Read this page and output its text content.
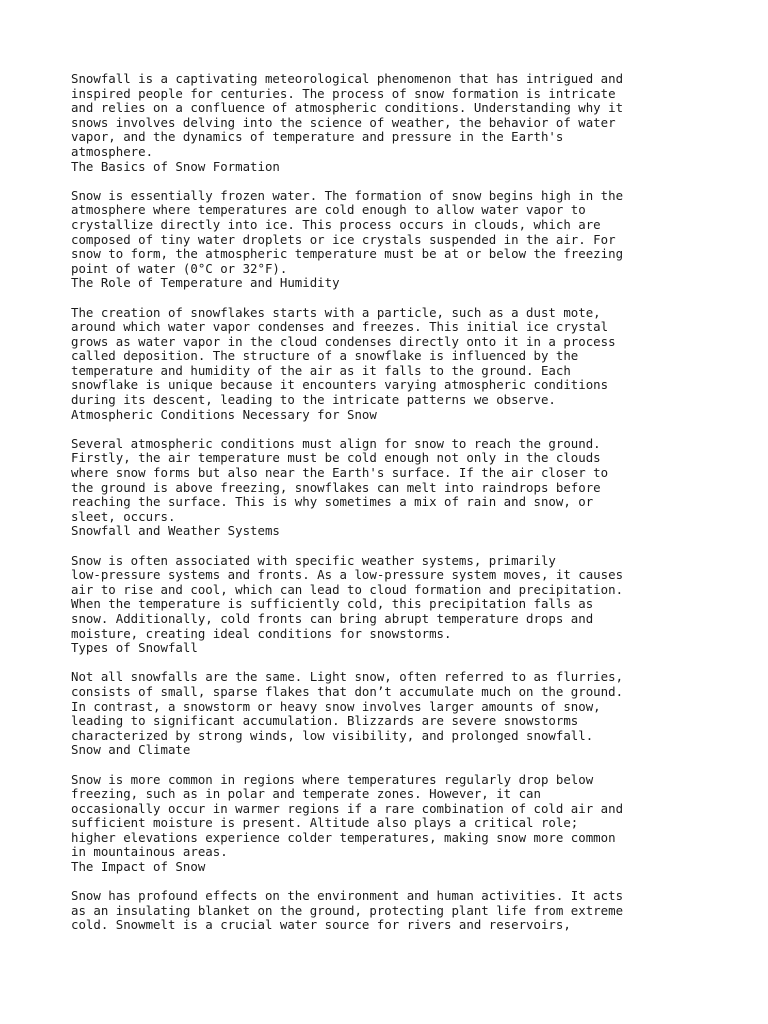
Snowfall is a captivating meteorological phenomenon that has intrigued and
inspired people for centuries. The process of snow formation is intricate
and relies on a confluence of atmospheric conditions. Understanding why it
snows involves delving into the science of weather, the behavior of water
vapor, and the dynamics of temperature and pressure in the Earth's
atmosphere.

The Basics of Snow Formation

Snow is essentially frozen water. The formation of snow begins high in the
atmosphere where temperatures are cold enough to allow water vapor to
crystallize directly into ice. This process occurs in clouds, which are
composed of tiny water droplets or ice crystals suspended in the air. For
snow to form, the atmospheric temperature must be at or below the freezing
point of water (0°C or 32°F).

The Role of Temperature and Humidity

The creation of snowflakes starts with a particle, such as a dust mote,
around which water vapor condenses and freezes. This initial ice crystal
grows as water vapor in the cloud condenses directly onto it in a process
called deposition. The structure of a snowflake is influenced by the
temperature and humidity of the air as it falls to the ground. Each
snowflake is unique because it encounters varying atmospheric conditions
during its descent, leading to the intricate patterns we observe.

Atmospheric Conditions Necessary for Snow

Several atmospheric conditions must align for snow to reach the ground.
Firstly, the air temperature must be cold enough not only in the clouds
where snow forms but also near the Earth's surface. If the air closer to
the ground is above freezing, snowflakes can melt into raindrops before
reaching the surface. This is why sometimes a mix of rain and snow, or
sleet, occurs.

Snowfall and Weather Systems

Snow is often associated with specific weather systems, primarily
low-pressure systems and fronts. As a low-pressure system moves, it causes
air to rise and cool, which can lead to cloud formation and precipitation.
When the temperature is sufficiently cold, this precipitation falls as
snow. Additionally, cold fronts can bring abrupt temperature drops and
moisture, creating ideal conditions for snowstorms.

Types of Snowfall

Not all snowfalls are the same. Light snow, often referred to as flurries,
consists of small, sparse flakes that don’t accumulate much on the ground.
In contrast, a snowstorm or heavy snow involves larger amounts of snow,
leading to significant accumulation. Blizzards are severe snowstorms
characterized by strong winds, low visibility, and prolonged snowfall.

Snow and Climate

Snow is more common in regions where temperatures regularly drop below
freezing, such as in polar and temperate zones. However, it can
occasionally occur in warmer regions if a rare combination of cold air and
sufficient moisture is present. Altitude also plays a critical role;
higher elevations experience colder temperatures, making snow more common
in mountainous areas.

The Impact of Snow

Snow has profound effects on the environment and human activities. It acts
as an insulating blanket on the ground, protecting plant life from extreme
cold. Snowmelt is a crucial water source for rivers and reservoirs,
